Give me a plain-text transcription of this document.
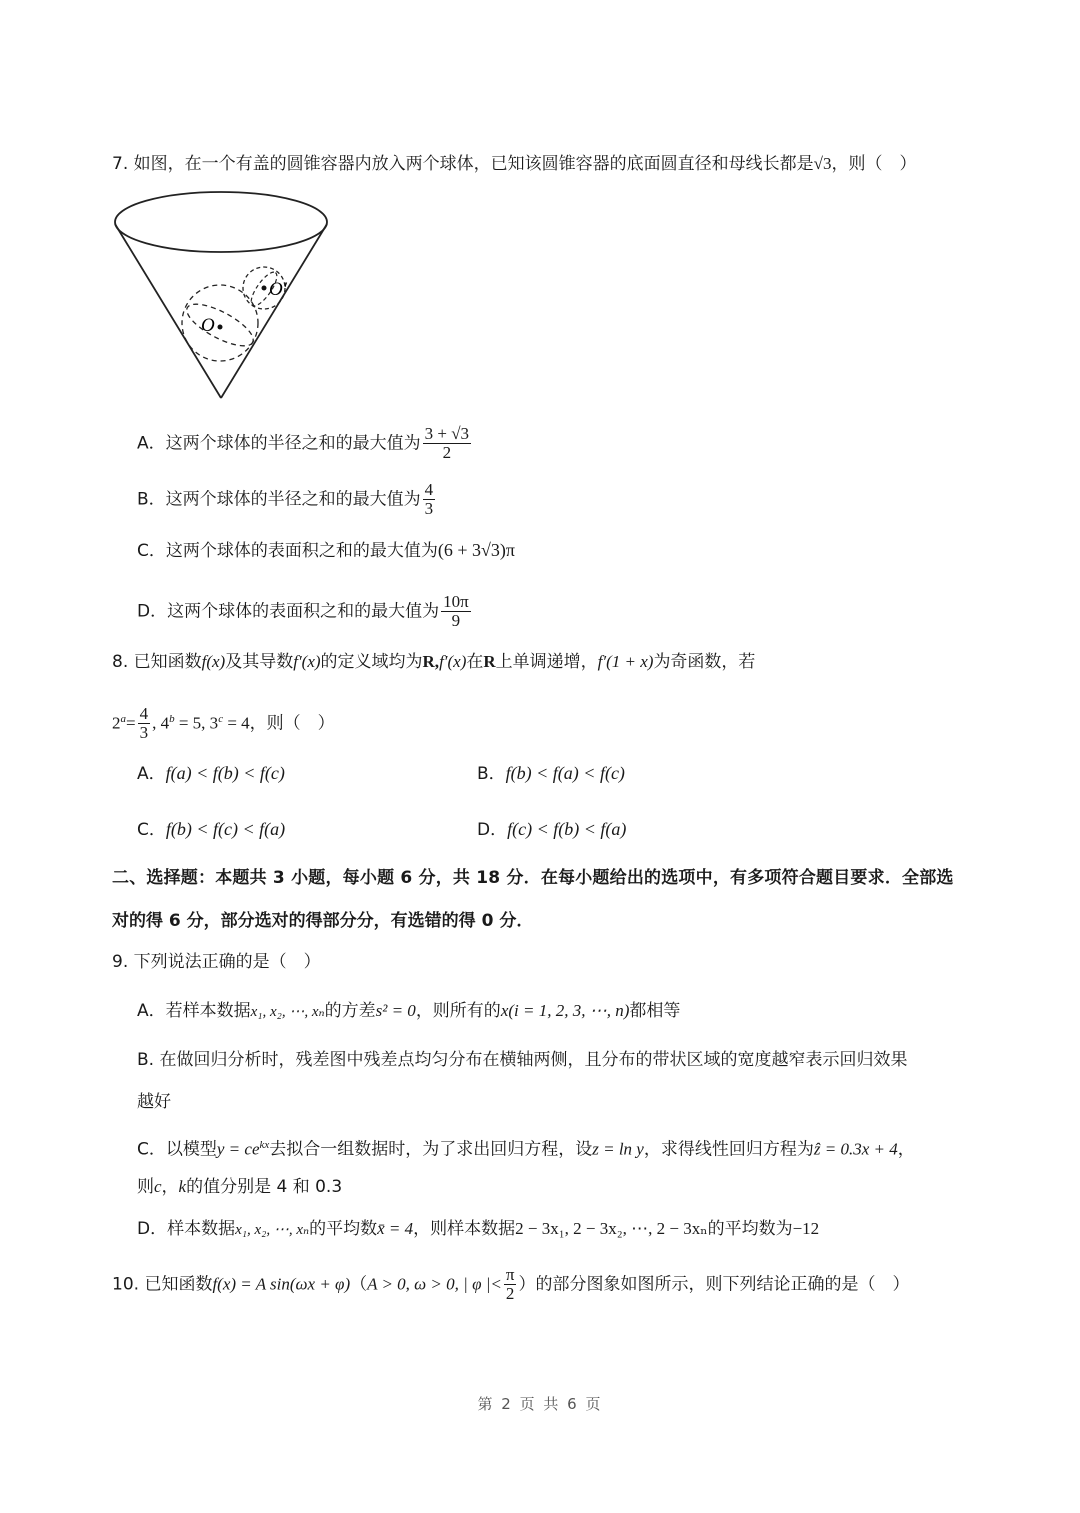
7. 如图，在一个有盖的圆锥容器内放入两个球体，已知该圆锥容器的底面圆直径和母线长都是√3，则（　）
O
O′
A．这两个球体的半径之和的最大值为 $\frac{3 + √3}{2}$
B．这两个球体的半径之和的最大值为 $\frac{4}{3}$
C．这两个球体的表面积之和的最大值为(6 + 3√3)π
D．这两个球体的表面积之和的最大值为 $\frac{10\pi}{9}$
8. 已知函数f(x)及其导数f′(x)的定义域均为R,f′(x)在R上单调递增，f′(1 + x)为奇函数，若
$2^a= \frac{4}{3}$ , $4^b = 5$, $3^c = 4$，则（　）
A．f(a) < f(b) < f(c)	B．f(b) < f(a) < f(c)
C．f(b) < f(c) < f(a)	D．f(c) < f(b) < f(a)
二、选择题：本题共 3 小题，每小题 6 分，共 18 分．在每小题给出的选项中，有多项符合题目要求．全部选
对的得 6 分，部分选对的得部分分，有选错的得 0 分．
9. 下列说法正确的是（　）
A．若样本数据x₁, x₂, ⋯, xₙ的方差s² = 0，则所有的x(i = 1, 2, 3, ⋯, n)都相等
B. 在做回归分析时，残差图中残差点均匀分布在横轴两侧，且分布的带状区域的宽度越窄表示回归效果
越好
C．以模型$y = ce^{kx}$去拟合一组数据时，为了求出回归方程，设z = ln y，求得线性回归方程为ẑ = 0.3x + 4，
则c，k的值分别是 4 和 0.3
D．样本数据x₁, x₂, ⋯, xₙ的平均数x̄ = 4，则样本数据2 − 3x₁, 2 − 3x₂, ⋯, 2 − 3xₙ的平均数为−12
10. 已知函数f(x) = A sin(ωx + φ)（A > 0, ω > 0, | φ |< $\frac{\pi}{2}$ ）的部分图象如图所示，则下列结论正确的是（　）
第 2 页 共 6 页
